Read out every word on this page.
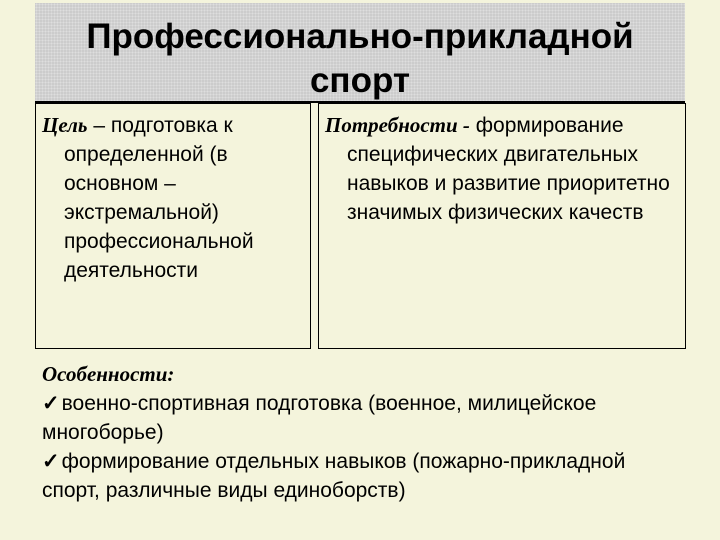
Профессионально-прикладной
спорт
Цель – подготовка к определенной (в основном – экстремальной) профессиональной деятельности
Потребности - формирование специфических двигательных навыков и развитие приоритетно значимых физических качеств
Особенности:
✓военно-спортивная подготовка (военное, милицейское многоборье)
✓формирование отдельных навыков (пожарно-прикладной спорт, различные виды единоборств)
